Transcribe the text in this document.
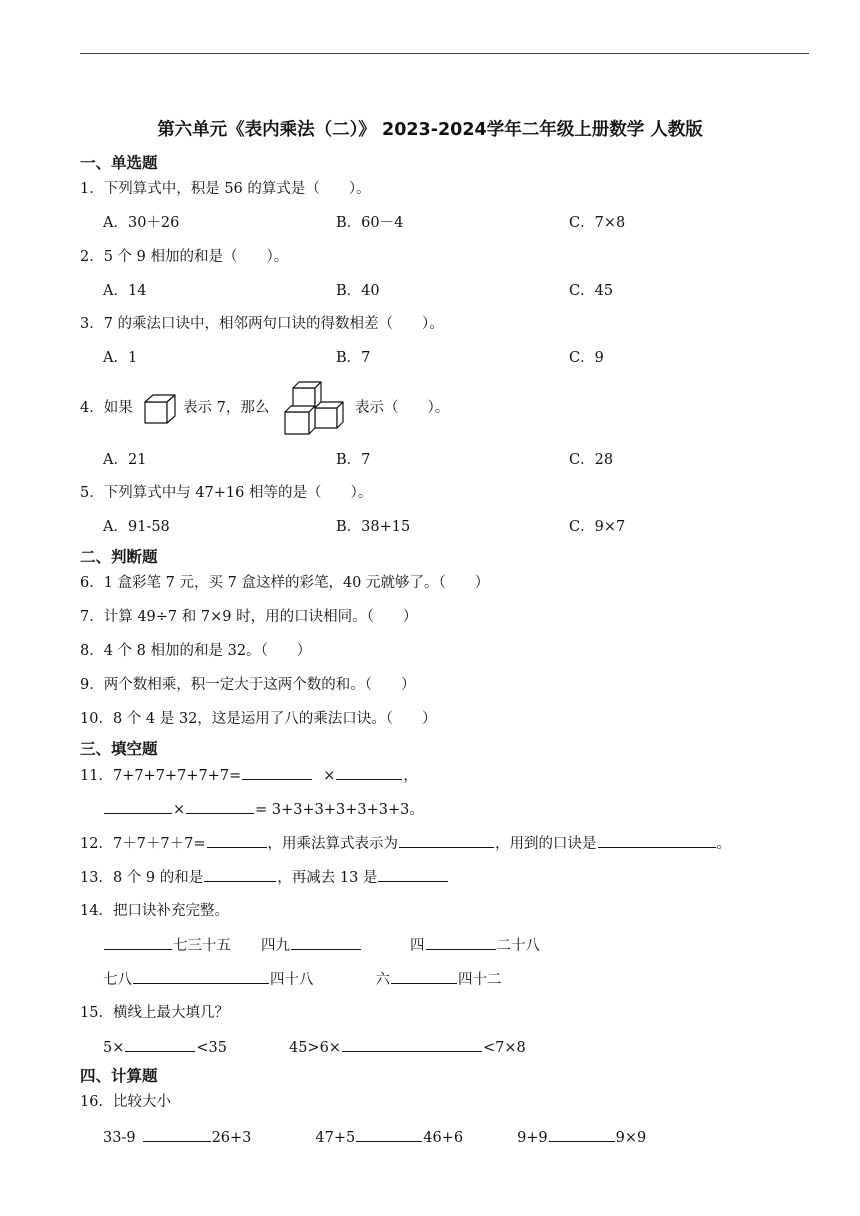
第六单元《表内乘法（二）》 2023-2024学年二年级上册数学 人教版
一、单选题
1．下列算式中，积是 56 的算式是（　　）。
A．30＋26	B．60－4	C．7×8
2．5 个 9 相加的和是（　　）。
A．14	B．40	C．45
3．7 的乘法口诀中，相邻两句口诀的得数相差（　　）。
A．1	B．7	C．9
4．如果	表示 7，那么	表示（　　）。
A．21	B．7	C．28
5．下列算式中与 47+16 相等的是（　　）。
A．91-58	B．38+15	C．9×7
二、判断题
6．1 盒彩笔 7 元，买 7 盒这样的彩笔，40 元就够了。（　　）
7．计算 49÷7 和 7×9 时，用的口诀相同。（　　）
8．4 个 8 相加的和是 32。（　　）
9．两个数相乘，积一定大于这两个数的和。（　　）
10．8 个 4 是 32，这是运用了八的乘法口诀。（　　）
三、填空题
11．7+7+7+7+7+7=	×	，
×	= 3+3+3+3+3+3+3。
12．7＋7＋7＋7=	，用乘法算式表示为	，用到的口诀是	。
13．8 个 9 的和是	，再减去 13 是
14．把口诀补充完整。
七三十五 四九	四	二十八
七八	四十八	六	四十二
15．横线上最大填几？
5×	<35	45>6×	<7×8
四、计算题
16．比较大小
33-9	26+3	47+5	46+6	9+9	9×9
